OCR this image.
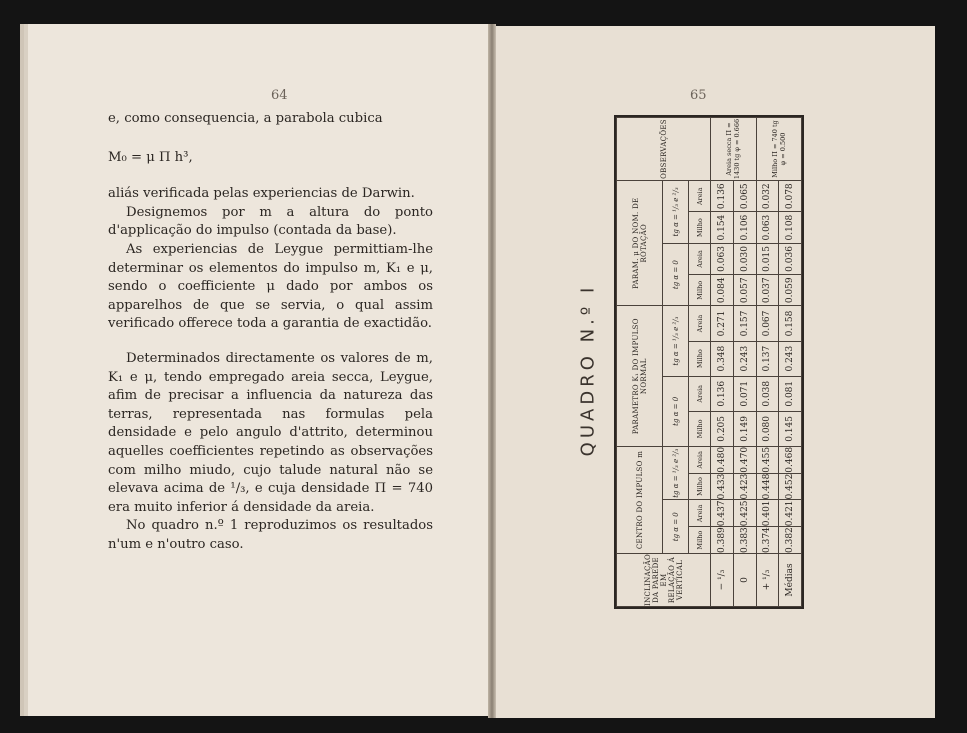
64	65

e, como consequencia, a parabola cubica

M₀ = μ Π h³,

aliás verificada pelas experiencias de Darwin.

Designemos por m a altura do ponto d'applicação do impulso (contada da base).

As experiencias de Leygue permittiam-lhe determinar os elementos do impulso m, K₁ e μ, sendo o coefficiente μ dado por ambos os apparelhos de que se servia, o qual assim verificado offerece toda a garantia de exactidão.

Determinados directamente os valores de m, K₁ e μ, tendo empregado areia secca, Leygue, afim de precisar a influencia da natureza das terras, representada nas formulas pela densidade e pelo angulo d'attrito, determinou aquelles coefficientes repetindo as observações com milho miudo, cujo talude natural não se elevava acima de ¹/₃, e cuja densidade Π = 740 era muito inferior á densidade da areia.

No quadro n.º 1 reproduzimos os resultados n'um e n'outro caso.

QUADRO N.º I
INCLINAÇÃO DA PAREDE EM RELAÇÃO Á VERTICAL	CENTRO DO IMPULSO m				PARAMETRO K₁ DO IMPULSO NORMAL				PARAM. μ DO NOM. DE ROTAÇÃO				OBSERVAÇÕES
	tg α = 0		tg α = ¹/₃ e ²/₃		tg α = 0		tg α = ¹/₃ e ²/₃		tg α = 0		tg α = ¹/₃ e ²/₃		
	Milho	Areia	Milho	Areia	Milho	Areia	Milho	Areia	Milho	Areia	Milho	Areia	
− ¹/₃	0.389	0.437	0.433	0.480	0.205	0.136	0.348	0.271	0.084	0.063	0.154	0.136	Areia secca Π = 1430 tg φ = 0.666
0	0.383	0.425	0.423	0.470	0.149	0.071	0.243	0.157	0.057	0.030	0.106	0.065	
+ ¹/₃	0.374	0.401	0.448	0.455	0.080	0.038	0.137	0.067	0.037	0.015	0.063	0.032	Milho Π = 740 tg φ = 0.500
Médias	0.382	0.421	0.452	0.468	0.145	0.081	0.243	0.158	0.059	0.036	0.108	0.078	
